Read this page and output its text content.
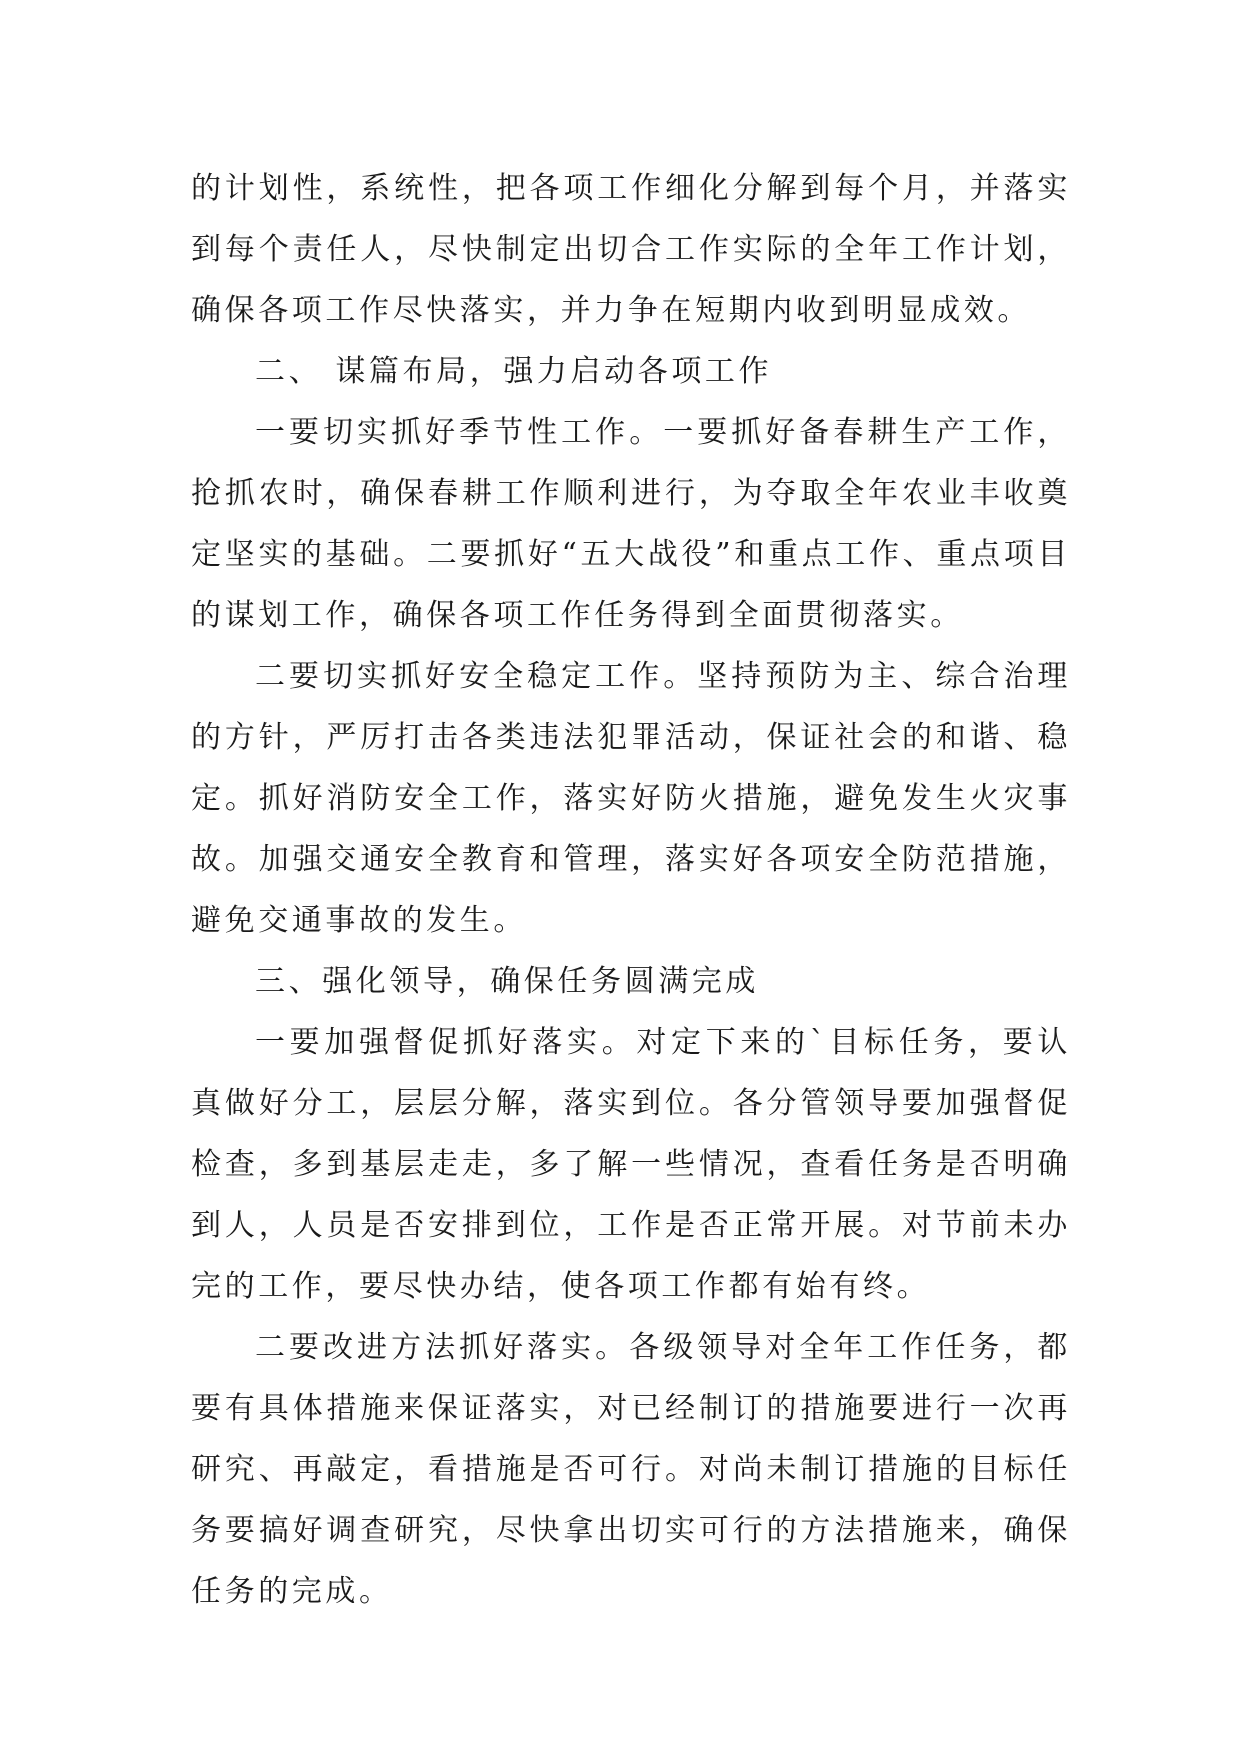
的计划性，系统性，把各项工作细化分解到每个月，并落实到每个责任人，尽快制定出切合工作实际的全年工作计划，确保各项工作尽快落实，并力争在短期内收到明显成效。

二、 谋篇布局，强力启动各项工作

一要切实抓好季节性工作。一要抓好备春耕生产工作，抢抓农时，确保春耕工作顺利进行，为夺取全年农业丰收奠定坚实的基础。二要抓好“五大战役”和重点工作、重点项目的谋划工作，确保各项工作任务得到全面贯彻落实。

二要切实抓好安全稳定工作。坚持预防为主、综合治理的方针，严厉打击各类违法犯罪活动，保证社会的和谐、稳定。抓好消防安全工作，落实好防火措施，避免发生火灾事故。加强交通安全教育和管理，落实好各项安全防范措施，避免交通事故的发生。

三、强化领导，确保任务圆满完成

一要加强督促抓好落实。对定下来的`目标任务，要认真做好分工，层层分解，落实到位。各分管领导要加强督促检查，多到基层走走，多了解一些情况，查看任务是否明确到人，人员是否安排到位，工作是否正常开展。对节前未办完的工作，要尽快办结，使各项工作都有始有终。

二要改进方法抓好落实。各级领导对全年工作任务，都要有具体措施来保证落实，对已经制订的措施要进行一次再研究、再敲定，看措施是否可行。对尚未制订措施的目标任务要搞好调查研究，尽快拿出切实可行的方法措施来，确保任务的完成。
